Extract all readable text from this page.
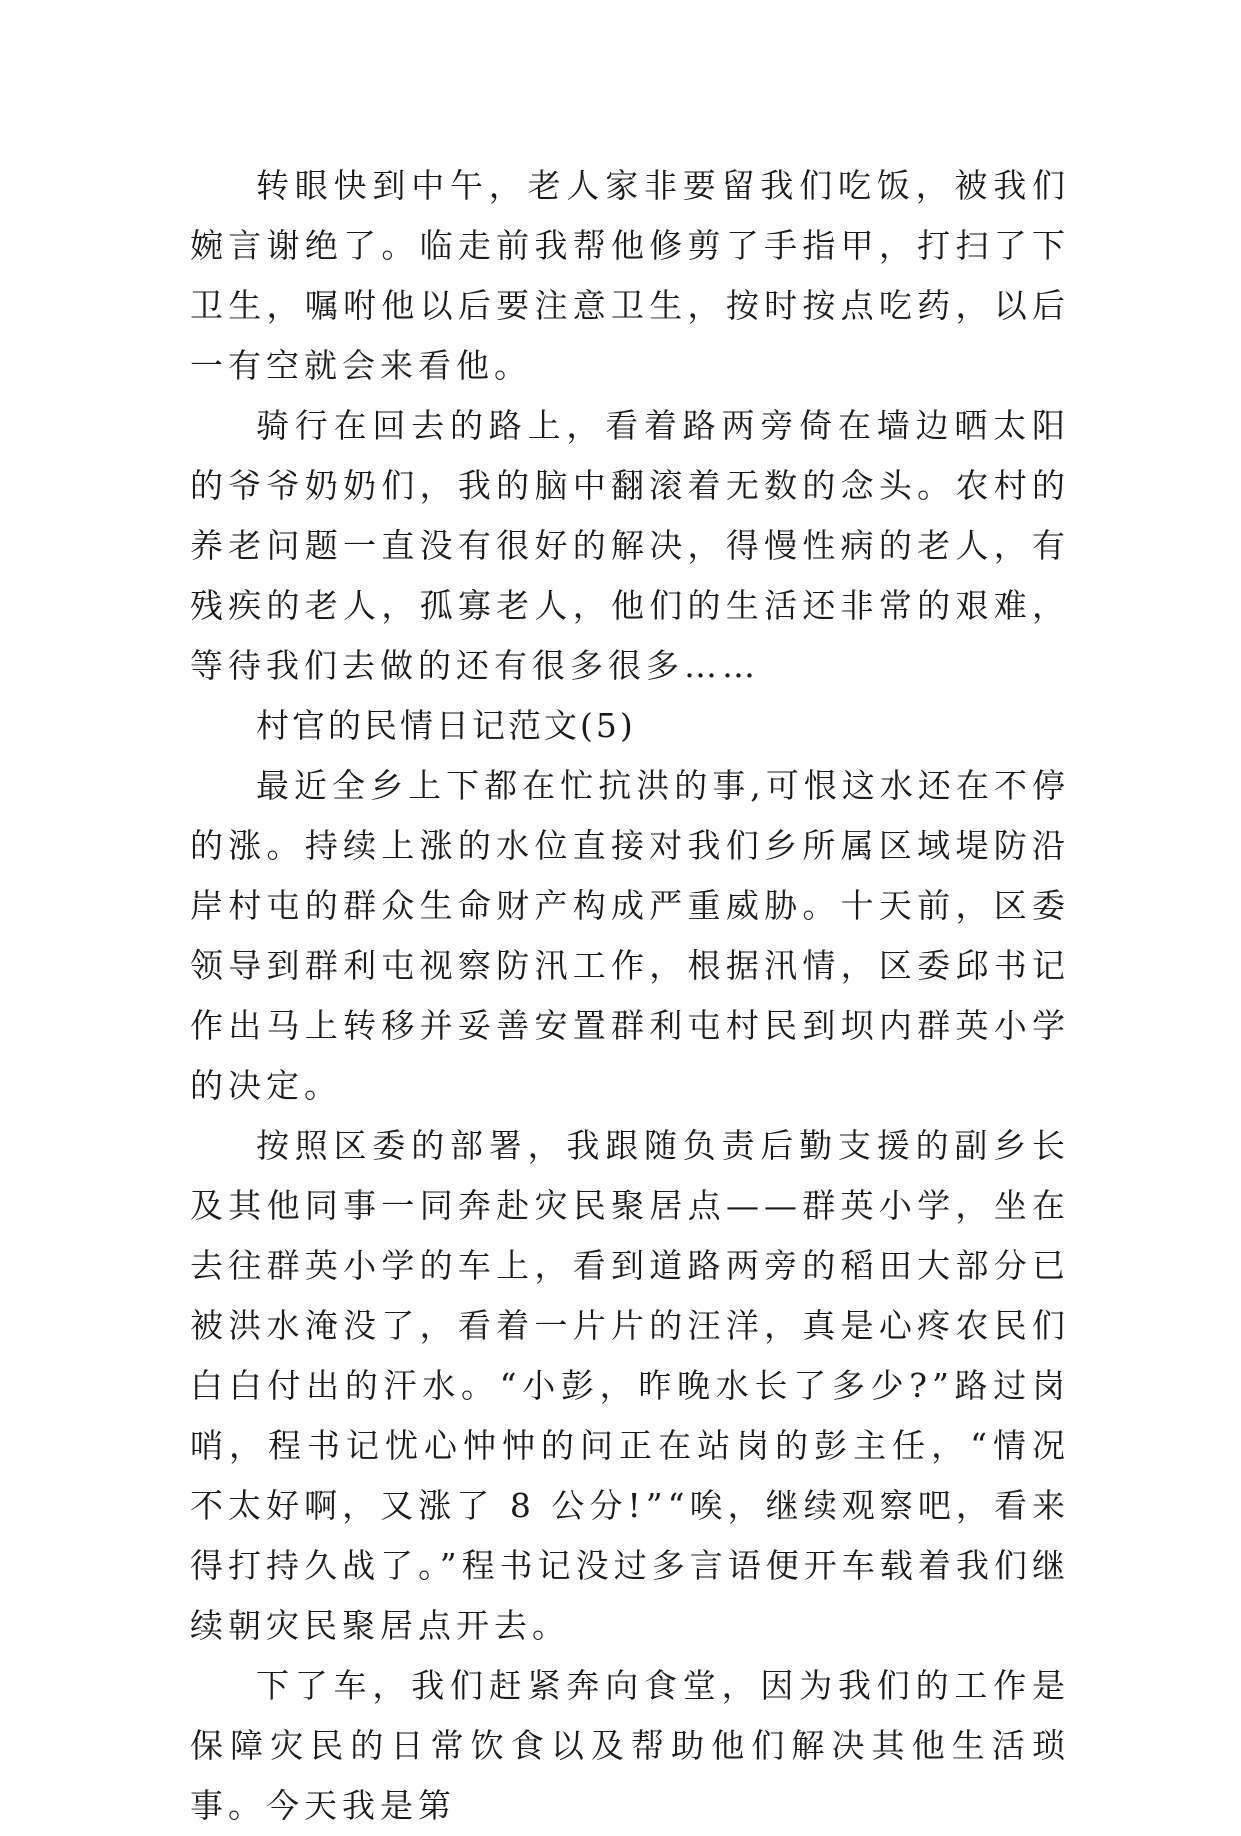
转眼快到中午，老人家非要留我们吃饭，被我们婉言谢绝了。临走前我帮他修剪了手指甲，打扫了下卫生，嘱咐他以后要注意卫生，按时按点吃药，以后一有空就会来看他。

骑行在回去的路上，看着路两旁倚在墙边晒太阳的爷爷奶奶们，我的脑中翻滚着无数的念头。农村的养老问题一直没有很好的解决，得慢性病的老人，有残疾的老人，孤寡老人，他们的生活还非常的艰难，等待我们去做的还有很多很多……

村官的民情日记范文(5)

最近全乡上下都在忙抗洪的事,可恨这水还在不停的涨。持续上涨的水位直接对我们乡所属区域堤防沿岸村屯的群众生命财产构成严重威胁。十天前，区委领导到群利屯视察防汛工作，根据汛情，区委邱书记作出马上转移并妥善安置群利屯村民到坝内群英小学的决定。

按照区委的部署，我跟随负责后勤支援的副乡长及其他同事一同奔赴灾民聚居点——群英小学，坐在去往群英小学的车上，看到道路两旁的稻田大部分已被洪水淹没了，看着一片片的汪洋，真是心疼农民们白白付出的汗水。“小彭，昨晚水长了多少?”路过岗哨，程书记忧心忡忡的问正在站岗的彭主任，“情况不太好啊，又涨了 8 公分!”“唉，继续观察吧，看来得打持久战了。”程书记没过多言语便开车载着我们继续朝灾民聚居点开去。

下了车，我们赶紧奔向食堂，因为我们的工作是保障灾民的日常饮食以及帮助他们解决其他生活琐事。今天我是第
